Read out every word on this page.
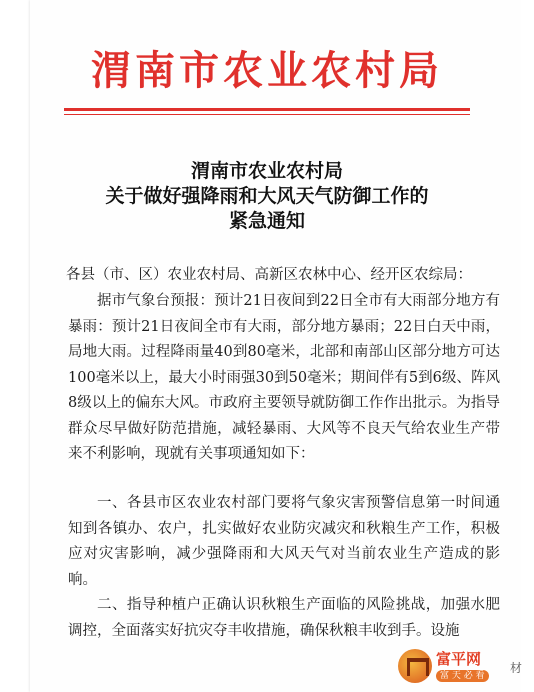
渭南市农业农村局
渭南市农业农村局
关于做好强降雨和大风天气防御工作的
紧急通知
各县（市、区）农业农村局、高新区农林中心、经开区农综局：
据市气象台预报：预计21日夜间到22日全市有大雨部分地方有暴雨：预计21日夜间全市有大雨，部分地方暴雨；22日白天中雨，局地大雨。过程降雨量40到80毫米，北部和南部山区部分地方可达100毫米以上，最大小时雨强30到50毫米；期间伴有5到6级、阵风8级以上的偏东大风。市政府主要领导就防御工作作出批示。为指导群众尽早做好防范措施，减轻暴雨、大风等不良天气给农业生产带来不利影响，现就有关事项通知如下：
一、各县市区农业农村部门要将气象灾害预警信息第一时间通知到各镇办、农户，扎实做好农业防灾减灾和秋粮生产工作，积极应对灾害影响，减少强降雨和大风天气对当前农业生产造成的影响。
二、指导种植户正确认识秋粮生产面临的风险挑战，加强水肥调控，全面落实好抗灾夺丰收措施，确保秋粮丰收到手。设施
富平网
富 天 必 看
材
